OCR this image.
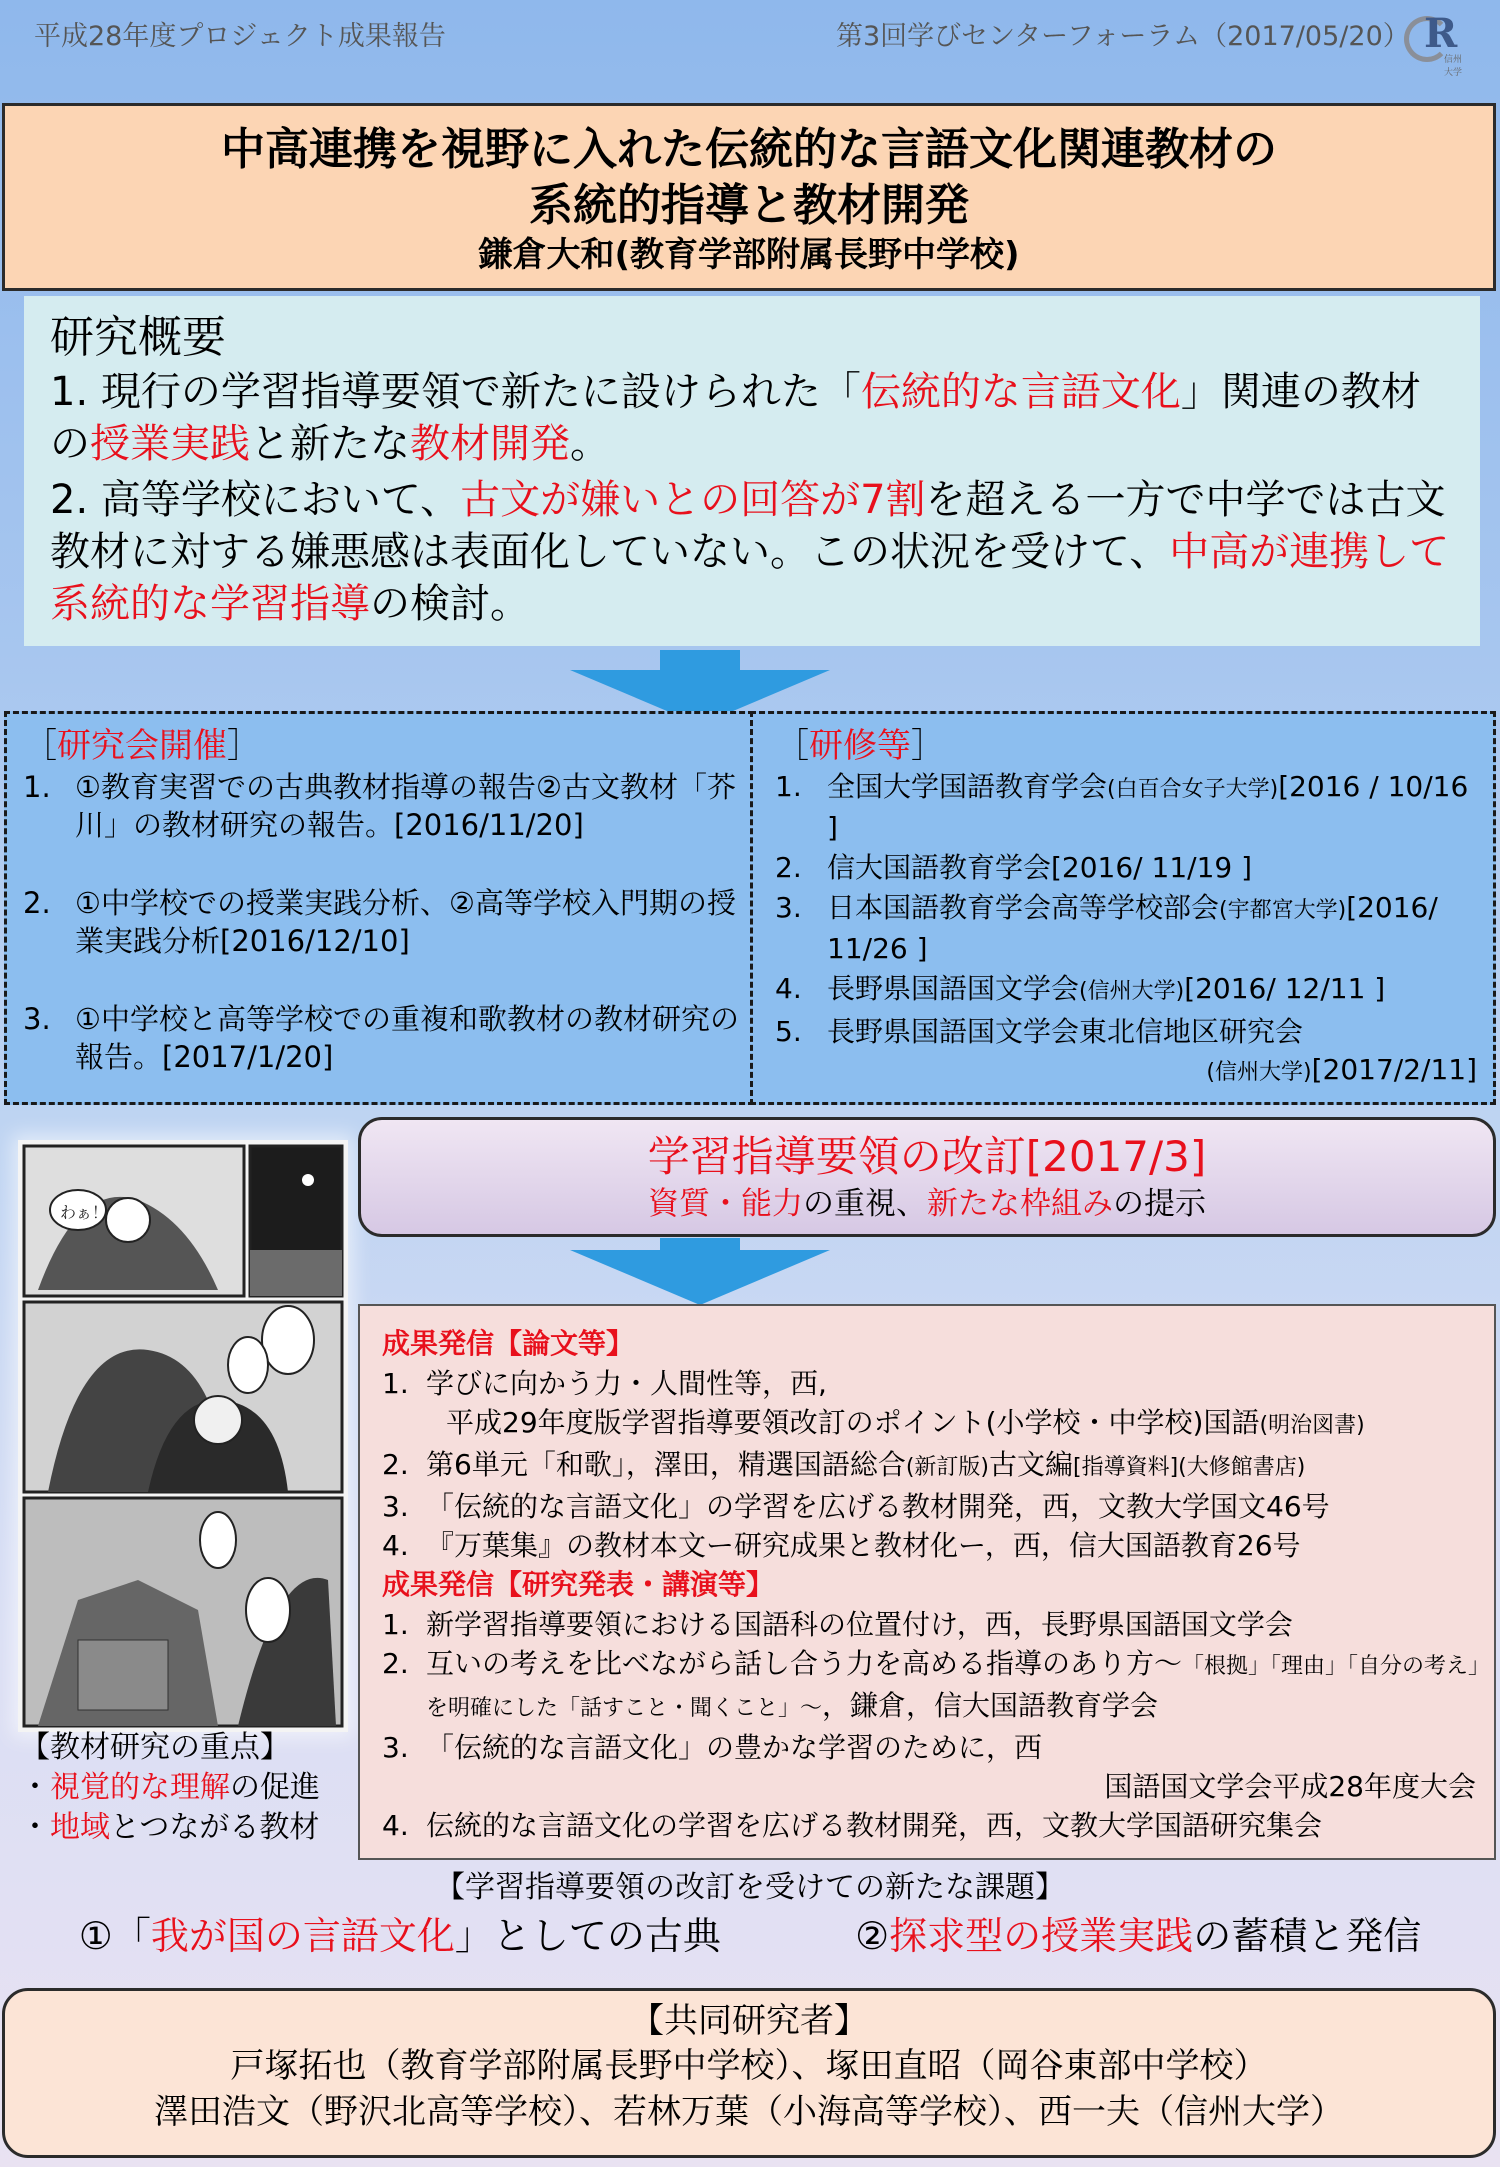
平成28年度プロジェクト成果報告	第3回学びセンターフォーラム（2017/05/20） R
信州大学
中高連携を視野に入れた伝統的な言語文化関連教材の
系統的指導と教材開発
鎌倉大和(教育学部附属長野中学校)
研究概要
1. 現行の学習指導要領で新たに設けられた「伝統的な言語文化」関連の教材の授業実践と新たな教材開発。
2. 高等学校において、古文が嫌いとの回答が7割を超える一方で中学では古文教材に対する嫌悪感は表面化していない。この状況を受けて、中高が連携して系統的な学習指導の検討。
［研究会開催］
1. ①教育実習での古典教材指導の報告②古文教材「芥川」の教材研究の報告。[2016/11/20]
2. ①中学校での授業実践分析、②高等学校入門期の授業実践分析[2016/12/10]
3. ①中学校と高等学校での重複和歌教材の教材研究の報告。[2017/1/20]
［研修等］
1. 全国大学国語教育学会(白百合女子大学)[2016 / 10/16 ]
2. 信大国語教育学会[2016/ 11/19 ]
3. 日本国語教育学会高等学校部会(宇都宮大学)[2016/ 11/26 ]
4. 長野県国語国文学会(信州大学)[2016/ 12/11 ]
5. 長野県国語国文学会東北信地区研究会
(信州大学)[2017/2/11]
わぁ！
【教材研究の重点】
・視覚的な理解の促進
・地域とつながる教材
学習指導要領の改訂[2017/3]
資質・能力の重視、新たな枠組みの提示
成果発信【論文等】
1. 学びに向かう力・人間性等，西,
平成29年度版学習指導要領改訂のポイント(小学校・中学校)国語(明治図書)
2. 第6単元「和歌」，澤田，精選国語総合(新訂版)古文編[指導資料](大修館書店)
3. 「伝統的な言語文化」の学習を広げる教材開発，西，文教大学国文46号
4. 『万葉集』の教材本文ー研究成果と教材化ー，西，信大国語教育26号
成果発信【研究発表・講演等】
1. 新学習指導要領における国語科の位置付け，西，長野県国語国文学会
2. 互いの考えを比べながら話し合う力を高める指導のあり方～「根拠」「理由」「自分の考え」を明確にした「話すこと・聞くこと」～，鎌倉，信大国語教育学会
3. 「伝統的な言語文化」の豊かな学習のために，西
国語国文学会平成28年度大会
4. 伝統的な言語文化の学習を広げる教材開発，西，文教大学国語研究集会
【学習指導要領の改訂を受けての新たな課題】
①「我が国の言語文化」としての古典	②探求型の授業実践の蓄積と発信
【共同研究者】
戸塚拓也（教育学部附属長野中学校）、塚田直昭（岡谷東部中学校）
澤田浩文（野沢北高等学校）、若林万葉（小海高等学校）、西一夫（信州大学）
